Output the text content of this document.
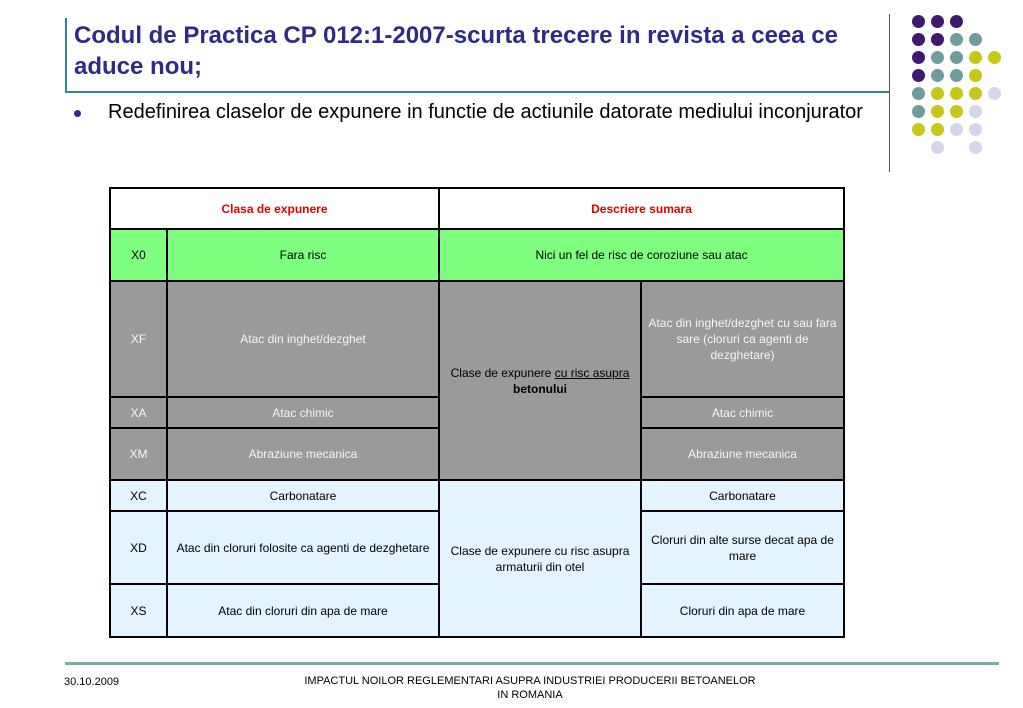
Codul de Practica CP 012:1-2007-scurta trecere in revista a ceea ce aduce nou;
Redefinirea claselor de expunere in functie de actiunile datorate mediului inconjurator
Clasa de expunere		Descriere sumara	
X0	Fara risc	Nici un fel de risc de coroziune sau atac	
XF	Atac din inghet/dezghet	Clase de expunere cu risc asupra betonului	Atac din inghet/dezghet cu sau fara sare (cloruri ca agenti de dezghetare)
XA	Atac chimic		Atac chimic
XM	Abraziune mecanica		Abraziune mecanica
XC	Carbonatare	Clase de expunere cu risc asupra armaturii din otel	Carbonatare
XD	Atac din cloruri folosite ca agenti de dezghetare		Cloruri din alte surse decat apa de mare
XS	Atac din cloruri din apa de mare		Cloruri din apa de mare
30.10.2009	IMPACTUL NOILOR REGLEMENTARI ASUPRA INDUSTRIEI PRODUCERII BETOANELOR IN ROMANIA
